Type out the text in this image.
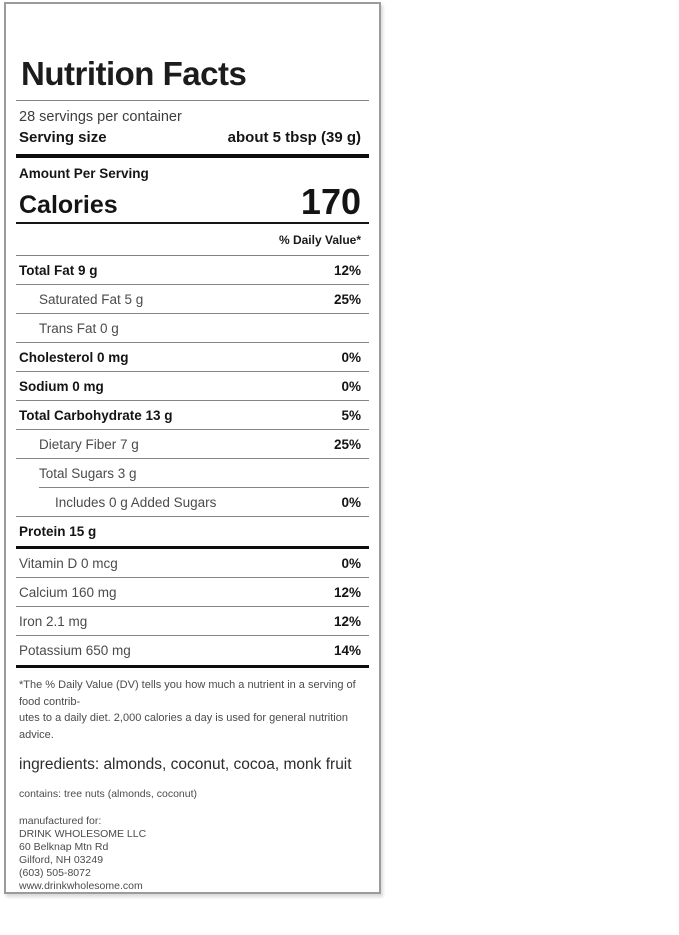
Nutrition Facts
28 servings per container
Serving size	about 5 tbsp (39 g)
Amount Per Serving
Calories	170
% Daily Value*
Total Fat 9 g	12%
Saturated Fat 5 g	25%
Trans Fat 0 g
Cholesterol 0 mg	0%
Sodium 0 mg	0%
Total Carbohydrate 13 g	5%
Dietary Fiber 7 g	25%
Total Sugars 3 g
Includes 0 g Added Sugars	0%
Protein 15 g
Vitamin D 0 mcg	0%
Calcium 160 mg	12%
Iron 2.1 mg	12%
Potassium 650 mg	14%
*The % Daily Value (DV) tells you how much a nutrient in a serving of food contrib-
utes to a daily diet. 2,000 calories a day is used for general nutrition advice.
ingredients: almonds, coconut, cocoa, monk fruit
contains: tree nuts (almonds, coconut)
manufactured for:
DRINK WHOLESOME LLC
60 Belknap Mtn Rd
Gilford, NH 03249
(603) 505-8072
www.drinkwholesome.com
